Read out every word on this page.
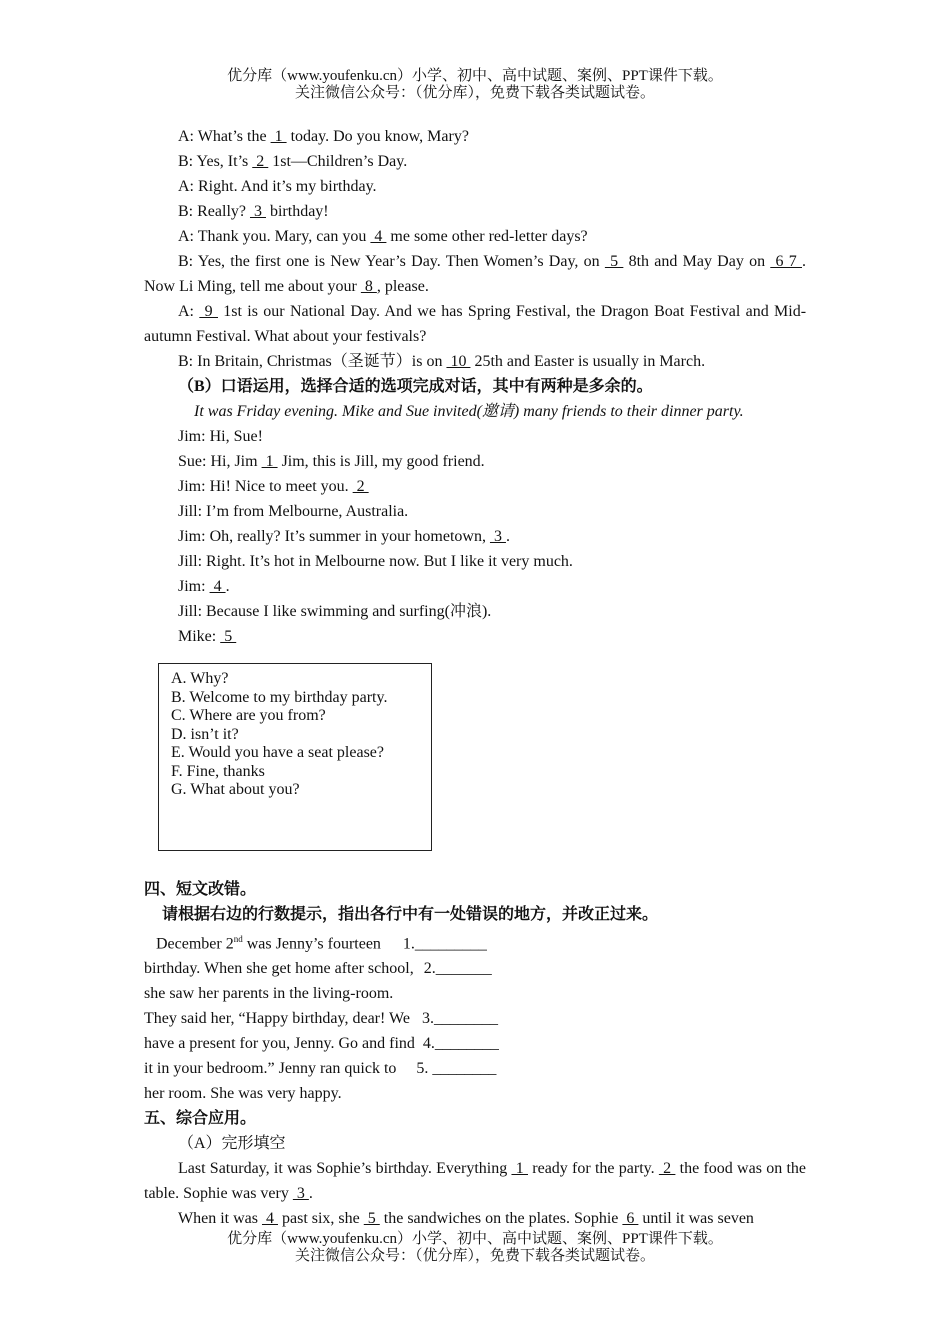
优分库（www.youfenku.cn）小学、初中、高中试题、案例、PPT课件下载。
关注微信公众号：（优分库），免费下载各类试题试卷。

A: What’s the  1  today. Do you know, Mary?

B: Yes, It’s  2  1st—Children’s Day.

A: Right. And it’s my birthday.

B: Really?  3  birthday!

A: Thank you. Mary, can you  4  me some other red-letter days?

B: Yes, the first one is New Year’s Day. Then Women’s Day, on  5  8th and May Day on  6 7 . Now Li Ming, tell me about your  8 , please.

A:  9  1st is our National Day. And we has Spring Festival, the Dragon Boat Festival and Mid-autumn Festival. What about your festivals?

B: In Britain, Christmas（圣诞节）is on  10  25th and Easter is usually in March.

（B）口语运用，选择合适的选项完成对话，其中有两种是多余的。

It was Friday evening. Mike and Sue invited(邀请) many friends to their dinner party.

Jim: Hi, Sue!

Sue: Hi, Jim  1  Jim, this is Jill, my good friend.

Jim: Hi! Nice to meet you.  2

Jill: I’m from Melbourne, Australia.

Jim: Oh, really? It’s summer in your hometown,  3 .

Jill: Right. It’s hot in Melbourne now. But I like it very much.

Jim:  4 .

Jill: Because I like swimming and surfing(冲浪).

Mike:  5

A. Why?
B. Welcome to my birthday party.
C. Where are you from?
D. isn’t it?
E. Would you have a seat please?
F. Fine, thanks
G. What about you?

四、短文改错。

请根据右边的行数提示，指出各行中有一处错误的地方，并改正过来。

December 2nd was Jenny’s fourteen 1._________

birthday. When she get home after school, 2._______

she saw her parents in the living-room.

They said her, “Happy birthday, dear! We 3.________

have a present for you, Jenny. Go and find 4.________

it in your bedroom.” Jenny ran quick to 5. ________

her room. She was very happy.

五、综合应用。

（A）完形填空

Last Saturday, it was Sophie’s birthday. Everything  1  ready for the party.  2  the food was on the table. Sophie was very  3 .

When it was  4  past six, she  5  the sandwiches on the plates. Sophie  6  until it was seven

优分库（www.youfenku.cn）小学、初中、高中试题、案例、PPT课件下载。
关注微信公众号：（优分库），免费下载各类试题试卷。
